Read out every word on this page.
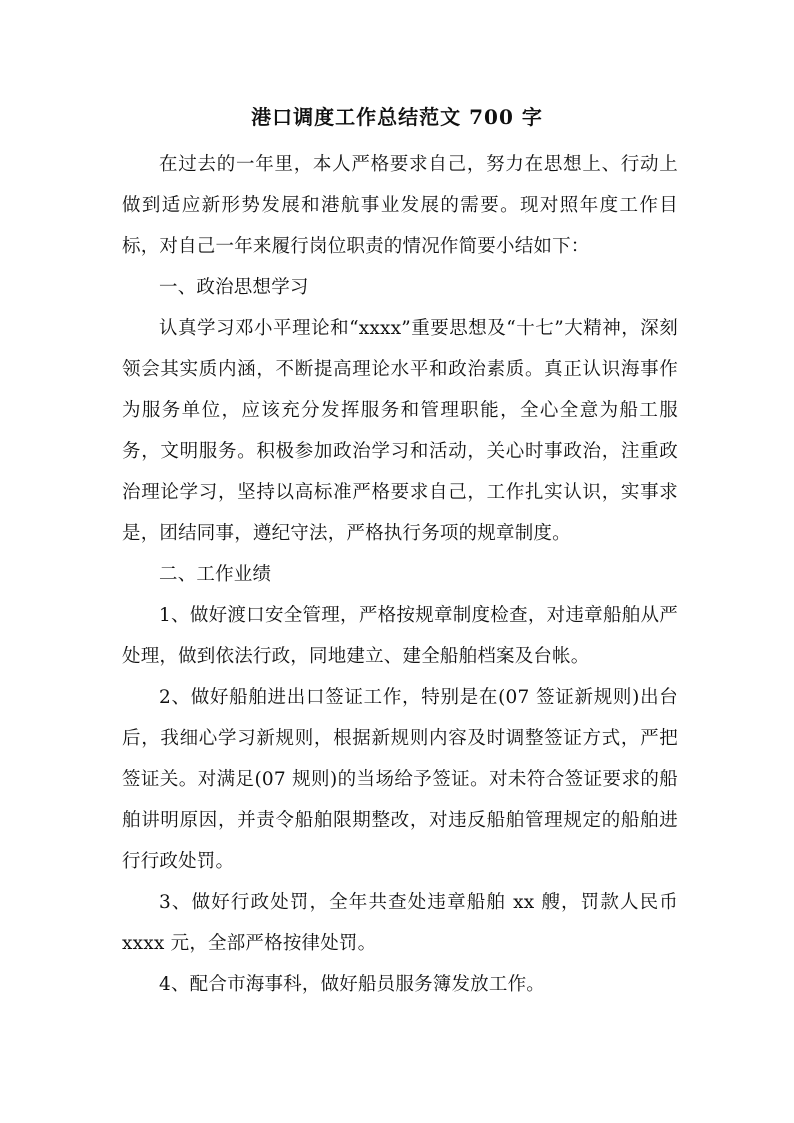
港口调度工作总结范文 700 字

在过去的一年里，本人严格要求自己，努力在思想上、行动上做到适应新形势发展和港航事业发展的需要。现对照年度工作目标，对自己一年来履行岗位职责的情况作简要小结如下：

一、政治思想学习

认真学习邓小平理论和“xxxx”重要思想及“十七”大精神，深刻领会其实质内涵，不断提高理论水平和政治素质。真正认识海事作为服务单位，应该充分发挥服务和管理职能，全心全意为船工服务，文明服务。积极参加政治学习和活动，关心时事政治，注重政治理论学习，坚持以高标准严格要求自己，工作扎实认识，实事求是，团结同事，遵纪守法，严格执行务项的规章制度。

二、工作业绩

1、做好渡口安全管理，严格按规章制度检查，对违章船舶从严处理，做到依法行政，同地建立、建全船舶档案及台帐。

2、做好船舶进出口签证工作，特别是在(07 签证新规则)出台后，我细心学习新规则，根据新规则内容及时调整签证方式，严把签证关。对满足(07 规则)的当场给予签证。对未符合签证要求的船舶讲明原因，并责令船舶限期整改，对违反船舶管理规定的船舶进行行政处罚。

3、做好行政处罚，全年共查处违章船舶 xx 艘，罚款人民币 xxxx 元，全部严格按律处罚。

4、配合市海事科，做好船员服务簿发放工作。
